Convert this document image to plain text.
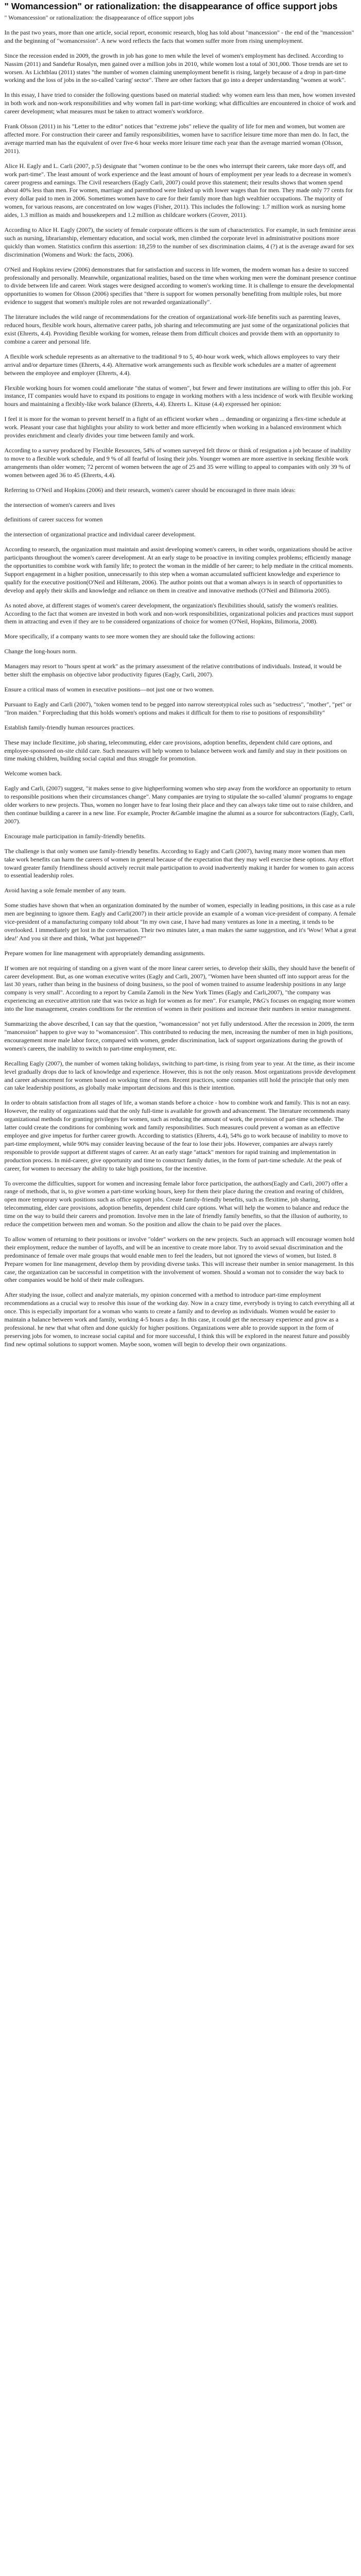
" Womancession" or rationalization: the disappearance of office support jobs

" Womancession" or rationalization: the disappearance of office support jobs

In the past two years, more than one article, social report, economic research, blog has told about "mancession" - the end of the "mancession" and the beginning of "womancession". A new word reflects the facts that women suffer more from rising unemployment.

Since the recession ended in 2009, the growth in job has gone to men while the level of women's employment has declined. According to Nassim (2011) and Sandefur Rosalyn, men gained over a million jobs in 2010, while women lost a total of 301,000. Those trends are set to worsen. As Lichtblau (2011) states "the number of women claiming unemployment benefit is rising, largely because of a drop in part-time working and the loss of jobs in the so-called 'caring' sector". There are other factors that go into a deeper understanding "women at work".

In this essay, I have tried to consider the following questions based on material studied: why women earn less than men, how women invested in both work and non-work responsibilities and why women fall in part-time working; what difficulties are encountered in choice of work and career development; what measures must be taken to attract women's workforce.

Frank Olsson (2011) in his "Letter to the editor" notices that "extreme jobs" relieve the quality of life for men and women, but women are affected more. For construction their career and family responsibilities, women have to sacrifice leisure time more than men do. In fact, the average married man has the equivalent of over five-6 hour weeks more leisure time each year than the average married woman (Olsson, 2011).

Alice H. Eagly and L. Carli (2007, p.5) designate that "women continue to be the ones who interrupt their careers, take more days off, and work part-time". The least amount of work experience and the least amount of hours of employment per year leads to a decrease in women's career progress and earnings. The Civil researchers (Eagly Carli, 2007) could prove this statement; their results shows that women spend about 40% less than men. For women, marriage and parenthood were linked up with lower wages than for men. They made only 77 cents for every dollar paid to men in 2006. Sometimes women have to care for their family more than high wealthier occupations. The majority of women, for various reasons, are concentrated on low wages (Fisher, 2011). This includes the following: 1.7 million work as nursing home aides, 1.3 million as maids and housekeepers and 1.2 million as childcare workers (Grover, 2011).

According to Alice H. Eagly (2007), the society of female corporate officers is the sum of characteristics. For example, in such feminine areas such as nursing, librarianship, elementary education, and social work, men climbed the corporate level in administrative positions more quickly than women. Statistics confirm this assertion: 18,259 to the number of sex discrimination claims, 4 (?) at is the average award for sex discrimination (Womens and Work: the facts, 2006).

O'Neil and Hopkins review (2006) demonstrates that for satisfaction and success in life women, the modern woman has a desire to succeed professionally and personally. Meanwhile, organizational realities, based on the time when working men were the dominant presence continue to divide between life and career. Work stages were designed according to women's working time. It is challenge to ensure the developmental opportunities to women for Olsson (2006) specifies that "there is support for women personally benefiting from multiple roles, but more evidence to suggest that women's multiple roles are not rewarded organizationally".

The literature includes the wild range of recommendations for the creation of organizational work-life benefits such as parenting leaves, reduced hours, flexible work hours, alternative career paths, job sharing and telecommuting are just some of the organizational policies that exist (Ehrerts, 4.4). Providing flexible working for women, release them from difficult choices and provide them with an opportunity to combine a career and personal life.

A flexible work schedule represents as an alternative to the traditional 9 to 5, 40-hour work week, which allows employees to vary their arrival and/or departure times (Ehrerts, 4.4). Alternative work arrangements such as flexible work schedules are a matter of agreement between the employee and employer (Ehrerts, 4.4).

Flexible working hours for women could ameliorate "the status of women", but fewer and fewer institutions are willing to offer this job. For instance, IT companies would have to expand its positions to engage in working mothers with a less incidence of work with flexible working hours and maintaining a flexibly-like work balance (Ehrerts, 4.4). Ehrerts L. Kituse (4.4) expressed her opinion:

I feel it is more for the woman to prevent herself in a fight of an efficient worker when ... demanding or organizing a flex-time schedule at work. Pleasant your case that highlights your ability to work better and more efficiently when working in a balanced environment which provides enrichment and clearly divides your time between family and work.

According to a survey produced by Flexible Resources, 54% of women surveyed felt throw or think of resignation a job because of inability to move to a flexible work schedule, and 9 % of all fearful of losing their jobs. Younger women are more assertive in seeking flexible work arrangements than older women; 72 percent of women between the age of 25 and 35 were willing to appeal to companies with only 39 % of women between aged 36 to 45 (Ehrerts, 4.4).

Referring to O'Neil and Hopkins (2006) and their research, women's career should be encouraged in three main ideas:

the intersection of women's careers and lives

definitions of career success for women

the intersection of organizational practice and individual career development.

According to research, the organization must maintain and assist developing women's careers, in other words, organizations should be active participants throughout the women's career development. At an early stage to be proactive in inviting complex problems; efficiently manage the opportunities to combine work with family life; to protect the woman in the middle of her career; to help mediate in the critical moments. Support engagement in a higher position, unnecessarily to this step when a woman accumulated sufficient knowledge and experience to qualify for the executive position(O'Neil and Hilteram, 2006). The author points out that a woman always is in search of opportunities to develop and apply their skills and knowledge and reliance on them in creative and innovative methods (O'Neil and Bilimoria 2005).

As noted above, at different stages of women's career development, the organization's flexibilities should, satisfy the women's realities. According to the fact that women are invested in both work and non-work responsibilities, organizational policies and practices must support them in attracting and even if they are to be considered organizations of choice for women (O'Neil, Hopkins, Bilimoria, 2008).

More specifically, if a company wants to see more women they are should take the following actions:

Change the long-hours norm.

Managers may resort to "hours spent at work" as the primary assessment of the relative contributions of individuals. Instead, it would be better shift the emphasis on objective labor productivity figures (Eagly, Carli, 2007).

Ensure a critical mass of women in executive positions—not just one or two women.

Pursuant to Eagly and Carli (2007), "token women tend to be pegged into narrow stereotypical roles such as "seductress", "mother", "pet" or "Iron maiden." Forprecluding that this holds women's options and makes it difficult for them to rise to positions of responsibility"

Establish family-friendly human resources practices.

These may include flexitime, job sharing, telecommuting, elder care provisions, adoption benefits, dependent child care options, and employee-sponsored on-site child care. Such measures will help women to balance between work and family and stay in their positions on time making children, building social capital and thus struggle for promotion.

Welcome women back.

Eagly and Carli, (2007) suggest, "it makes sense to give highperforming women who step away from the workforce an opportunity to return to responsible positions when their circumstances change". Many companies are trying to stipulate the so-called 'alumni' programs to engage older workers to new projects. Thus, women no longer have to fear losing their place and they can always take time out to raise children, and then continue building a career in a new line. For example, Procter &Gamble imagine the alumni as a source for subcontractors (Eagly, Carli, 2007).

Encourage male participation in family-friendly benefits.

The challenge is that only women use family-friendly benefits. According to Eagly and Carli (2007), having many more women than men take work benefits can harm the careers of women in general because of the expectation that they may well exercise these options. Any effort toward greater family friendliness should actively recruit male participation to avoid inadvertently making it harder for women to gain access to essential leadership roles.

Avoid having a sole female member of any team.

Some studies have shown that when an organization dominated by the number of women, especially in leading positions, in this case as a rule men are beginning to ignore them. Eagly and Carli(2007) in their article provide an example of a woman vice-president of company. A female vice-president of a manufacturing company told about "In my own case, I have had many ventures as lone in a meeting, it tends to be overlooked. I immediately get lost in the conversation. Their two minutes later, a man makes the same suggestion, and it's 'Wow! What a great idea!' And you sit there and think, 'What just happened?'"

Prepare women for line management with appropriately demanding assignments.

If women are not requiring of standing on a given want of the more linear career series, to develop their skills, they should have the benefit of career development. But, as one woman executive writes (Eagly and Carli, 2007), "Women have been shunted off into support areas for the last 30 years, rather than being in the business of doing business, so the pool of women trained to assume leadership positions in any large company is very small". According to a report by Camila Zamoli in the New York Times (Eagly and Carli,2007), "the company was experiencing an executive attrition rate that was twice as high for women as for men". For example, P&G's focuses on engaging more women into the line management, creates conditions for the retention of women in their positions and increase their numbers in senior management.

Summarizing the above described, I can say that the question, "womancession" not yet fully understood. After the recession in 2009, the term "mancession" happen to give way to "womancession". This contributed to reducing the men, increasing the number of men in high positions, encouragement more male labor force, compared with women, gender discrimination, lack of support organizations during the growth of women's careers, the inability to switch to part-time employment, etc.

Recalling Eagly (2007), the number of women taking holidays, switching to part-time, is rising from year to year. At the time, as their income level gradually drops due to lack of knowledge and experience. However, this is not the only reason. Most organizations provide development and career advancement for women based on working time of men. Recent practices, some companies still hold the principle that only men can take leadership positions, as globally make important decisions and this is their intention.

In order to obtain satisfaction from all stages of life, a woman stands before a choice - how to combine work and family. This is not an easy. However, the reality of organizations said that the only full-time is available for growth and advancement. The literature recommends many organizational methods for granting privileges for women, such as reducing the amount of work, the provision of part-time schedule. The latter could create the conditions for combining work and family responsibilities. Such measures could prevent a woman as an effective employee and give impetus for further career growth. According to statistics (Ehrerts, 4.4), 54% go to work because of inability to move to part-time employment, while 90% may consider leaving because of the fear to lose their jobs. However, companies are always rarely responsible to provide support at different stages of career. At an early stage "attack" mentors for rapid training and implementation in production process. In mid-career, give opportunity and time to construct family duties, in the form of part-time schedule. At the peak of career, for women to necessary the ability to take high positions, for the incentive.

To overcome the difficulties, support for women and increasing female labor force participation, the authors(Eagly and Carli, 2007) offer a range of methods, that is, to give women a part-time working hours, keep for them their place during the creation and rearing of children, open more temporary work positions such as office support jobs. Create family-friendly benefits, such as flexitime, job sharing, telecommuting, elder care provisions, adoption benefits, dependent child care options. What will help the women to balance and reduce the time on the way to build their careers and promotion. Involve men in the late of friendly family benefits, so that the illusion of authority, to reduce the competition between men and woman. So the position and allow the chain to be paid over the places.

To allow women of returning to their positions or involve "older" workers on the new projects. Such an approach will encourage women hold their employment, reduce the number of layoffs, and will be an incentive to create more labor. Try to avoid sexual discrimination and the predominance of female over male groups that would enable men to feel the leaders, but not ignored the views of women, but listed. 8 Prepare women for line management, develop them by providing diverse tasks. This will increase their number in senior management. In this case, the organization can be successful in competition with the involvement of women. Should a woman not to consider the way back to other companies would be hold of their male colleagues.

After studying the issue, collect and analyze materials, my opinion concerned with a method to introduce part-time employment recommendations as a crucial way to resolve this issue of the working day. Now in a crazy time, everybody is trying to catch everything all at once. This is especially important for a woman who wants to create a family and to develop as individuals. Women would be easier to maintain a balance between work and family, working 4-5 hours a day. In this case, it could get the necessary experience and grow as a professional. he new that what often and done quickly for higher positions. Organizations were able to provide support in the form of preserving jobs for women, to increase social capital and for more successful, I think this will be explored in the nearest future and possibly find new optimal solutions to support women. Maybe soon, women will begin to develop their own organizations.
